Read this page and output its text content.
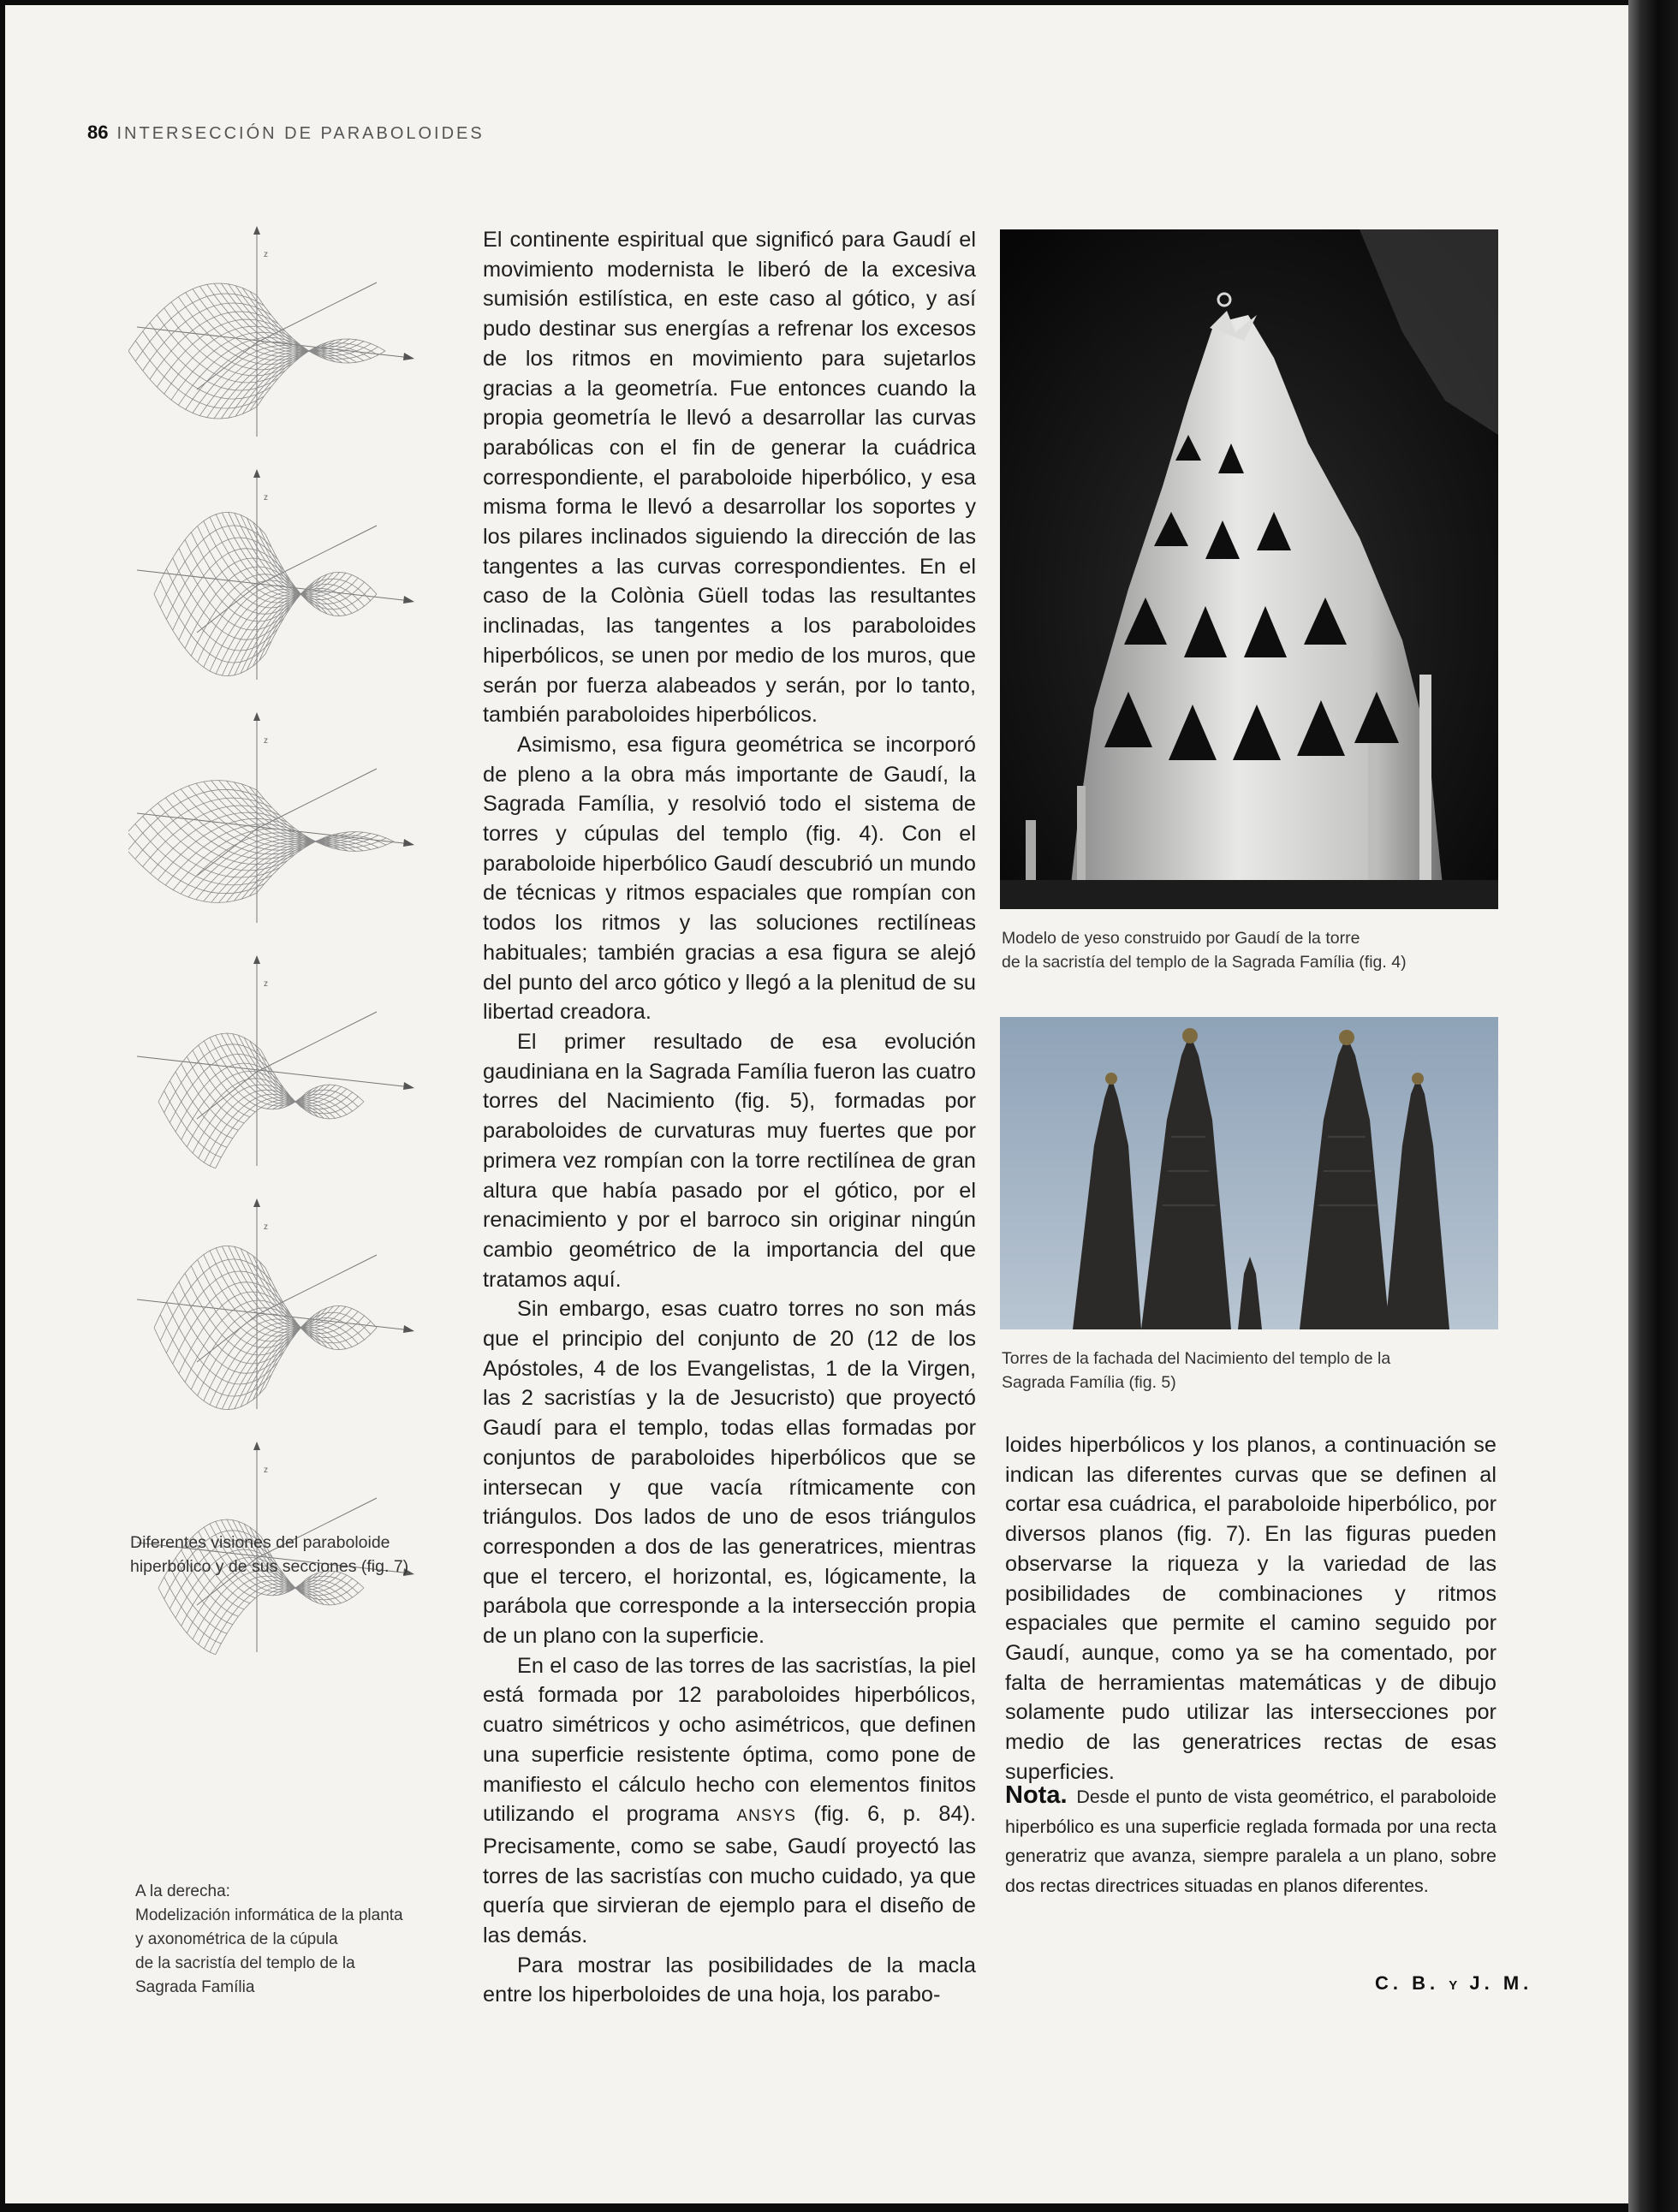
86 INTERSECCIÓN DE PARABOLOIDES
z
z
z
z
z
z
Diferentes visiones del paraboloide hiperbólico y de sus secciones (fig. 7)
A la derecha:
Modelización informática de la planta
y axonométrica de la cúpula
de la sacristía del templo de la
Sagrada Família

El continente espiritual que significó para Gaudí el movimiento modernista le liberó de la excesiva sumisión estilística, en este caso al gótico, y así pudo destinar sus energías a refrenar los excesos de los ritmos en movimiento para sujetarlos gracias a la geometría. Fue entonces cuando la propia geometría le llevó a desarrollar las curvas parabólicas con el fin de generar la cuádrica correspondiente, el paraboloide hiperbólico, y esa misma forma le llevó a desarrollar los soportes y los pilares inclinados siguiendo la dirección de las tangentes a las curvas correspondientes. En el caso de la Colònia Güell todas las resultantes inclinadas, las tangentes a los paraboloides hiperbólicos, se unen por medio de los muros, que serán por fuerza alabeados y serán, por lo tanto, también paraboloides hiperbólicos.

Asimismo, esa figura geométrica se incorporó de pleno a la obra más importante de Gaudí, la Sagrada Família, y resolvió todo el sistema de torres y cúpulas del templo (fig. 4). Con el paraboloide hiperbólico Gaudí descubrió un mundo de técnicas y ritmos espaciales que rompían con todos los ritmos y las soluciones rectilíneas habituales; también gracias a esa figura se alejó del punto del arco gótico y llegó a la plenitud de su libertad creadora.

El primer resultado de esa evolución gaudiniana en la Sagrada Família fueron las cuatro torres del Nacimiento (fig. 5), formadas por paraboloides de curvaturas muy fuertes que por primera vez rompían con la torre rectilínea de gran altura que había pasado por el gótico, por el renacimiento y por el barroco sin originar ningún cambio geométrico de la importancia del que tratamos aquí.

Sin embargo, esas cuatro torres no son más que el principio del conjunto de 20 (12 de los Apóstoles, 4 de los Evangelistas, 1 de la Virgen, las 2 sacristías y la de Jesucristo) que proyectó Gaudí para el templo, todas ellas formadas por conjuntos de paraboloides hiperbólicos que se intersecan y que vacía rítmicamente con triángulos. Dos lados de uno de esos triángulos corresponden a dos de las generatrices, mientras que el tercero, el horizontal, es, lógicamente, la parábola que corresponde a la intersección propia de un plano con la superficie.

En el caso de las torres de las sacristías, la piel está formada por 12 paraboloides hiperbólicos, cuatro simétricos y ocho asimétricos, que definen una superficie resistente óptima, como pone de manifiesto el cálculo hecho con elementos finitos utilizando el programa ANSYS (fig. 6, p. 84). Precisamente, como se sabe, Gaudí proyectó las torres de las sacristías con mucho cuidado, ya que quería que sirvieran de ejemplo para el diseño de las demás.

Para mostrar las posibilidades de la macla entre los hiperboloides de una hoja, los parabo-

Modelo de yeso construido por Gaudí de la torre
de la sacristía del templo de la Sagrada Família (fig. 4)
Torres de la fachada del Nacimiento del templo de la
Sagrada Família (fig. 5)

loides hiperbólicos y los planos, a continuación se indican las diferentes curvas que se definen al cortar esa cuádrica, el paraboloide hiperbólico, por diversos planos (fig. 7). En las figuras pueden observarse la riqueza y la variedad de las posibilidades de combinaciones y ritmos espaciales que permite el camino seguido por Gaudí, aunque, como ya se ha comentado, por falta de herramientas matemáticas y de dibujo solamente pudo utilizar las intersecciones por medio de las generatrices rectas de esas superficies.

Nota. Desde el punto de vista geométrico, el paraboloide hiperbólico es una superficie reglada formada por una recta generatriz que avanza, siempre paralela a un plano, sobre dos rectas directrices situadas en planos diferentes.
C. B. Y J. M.
